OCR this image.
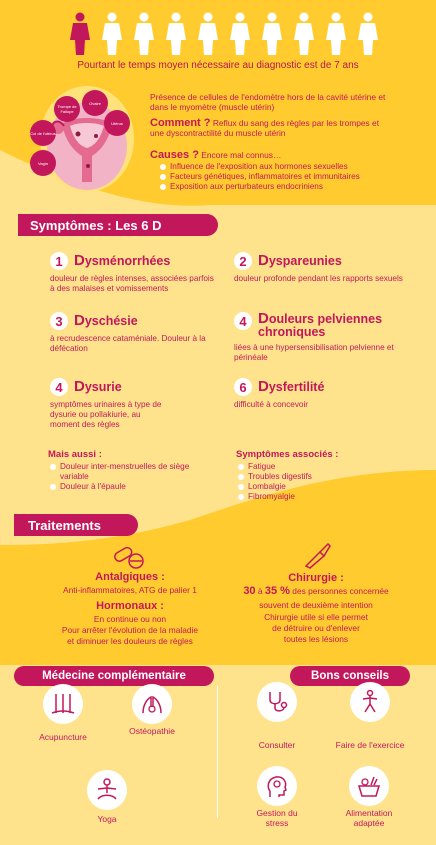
Pourtant le temps moyen nécessaire au diagnostic est de 7 ans
Trompe de Fallope
Ovaire
Utérus
Col de l'utérus
Vagin
Présence de cellules de l'endomètre hors de la cavité utérine et dans le myomètre (muscle utérin)
Comment ? Reflux du sang des règles par les trompes et une dyscontractilité du muscle utérin
Causes ? Encore mal connus…
Influence de l'exposition aux hormones sexuelles
Facteurs génétiques, inflammatoires et immunitaires
Exposition aux perturbateurs endocriniens
Symptômes : Les 6 D
1 Dysménorrhées
douleur de règles intenses, associées parfois à des malaises et vomissements
2 Dyspareunies
douleur profonde pendant les rapports sexuels
3 Dyschésie
à recrudescence cataméniale. Douleur à la défécation
4 Douleurs pelviennes
chroniques
liées à une hypersensibilisation pelvienne et périnéale
4 Dysurie
symptômes urinaires à type de dysurie ou pollakiurie, au moment des règles
6 Dysfertilité
difficulté à concevoir
Mais aussi :
Douleur inter-menstruelles de siège variable
Douleur à l'épaule
Symptômes associés :
Fatigue
Troubles digestifs
Lombalgie
Fibromyalgie
Traitements
Antalgiques :
Anti-inflammatoires, ATG de palier 1
Hormonaux :
En continue ou non
Pour arrêter l'évolution de la maladie
et diminuer les douleurs de règles
Chirurgie :
30 à 35 % des personnes concernée
souvent de deuxième intention
Chirurgie utile si elle permet
de détruire ou d'enlever
toutes les lésions
Médecine complémentaire	Bons conseils
Acupuncture
Ostéopathie
Yoga
Consulter	Faire de l'exercice
Gestion du
stress
Alimentation
adaptée
